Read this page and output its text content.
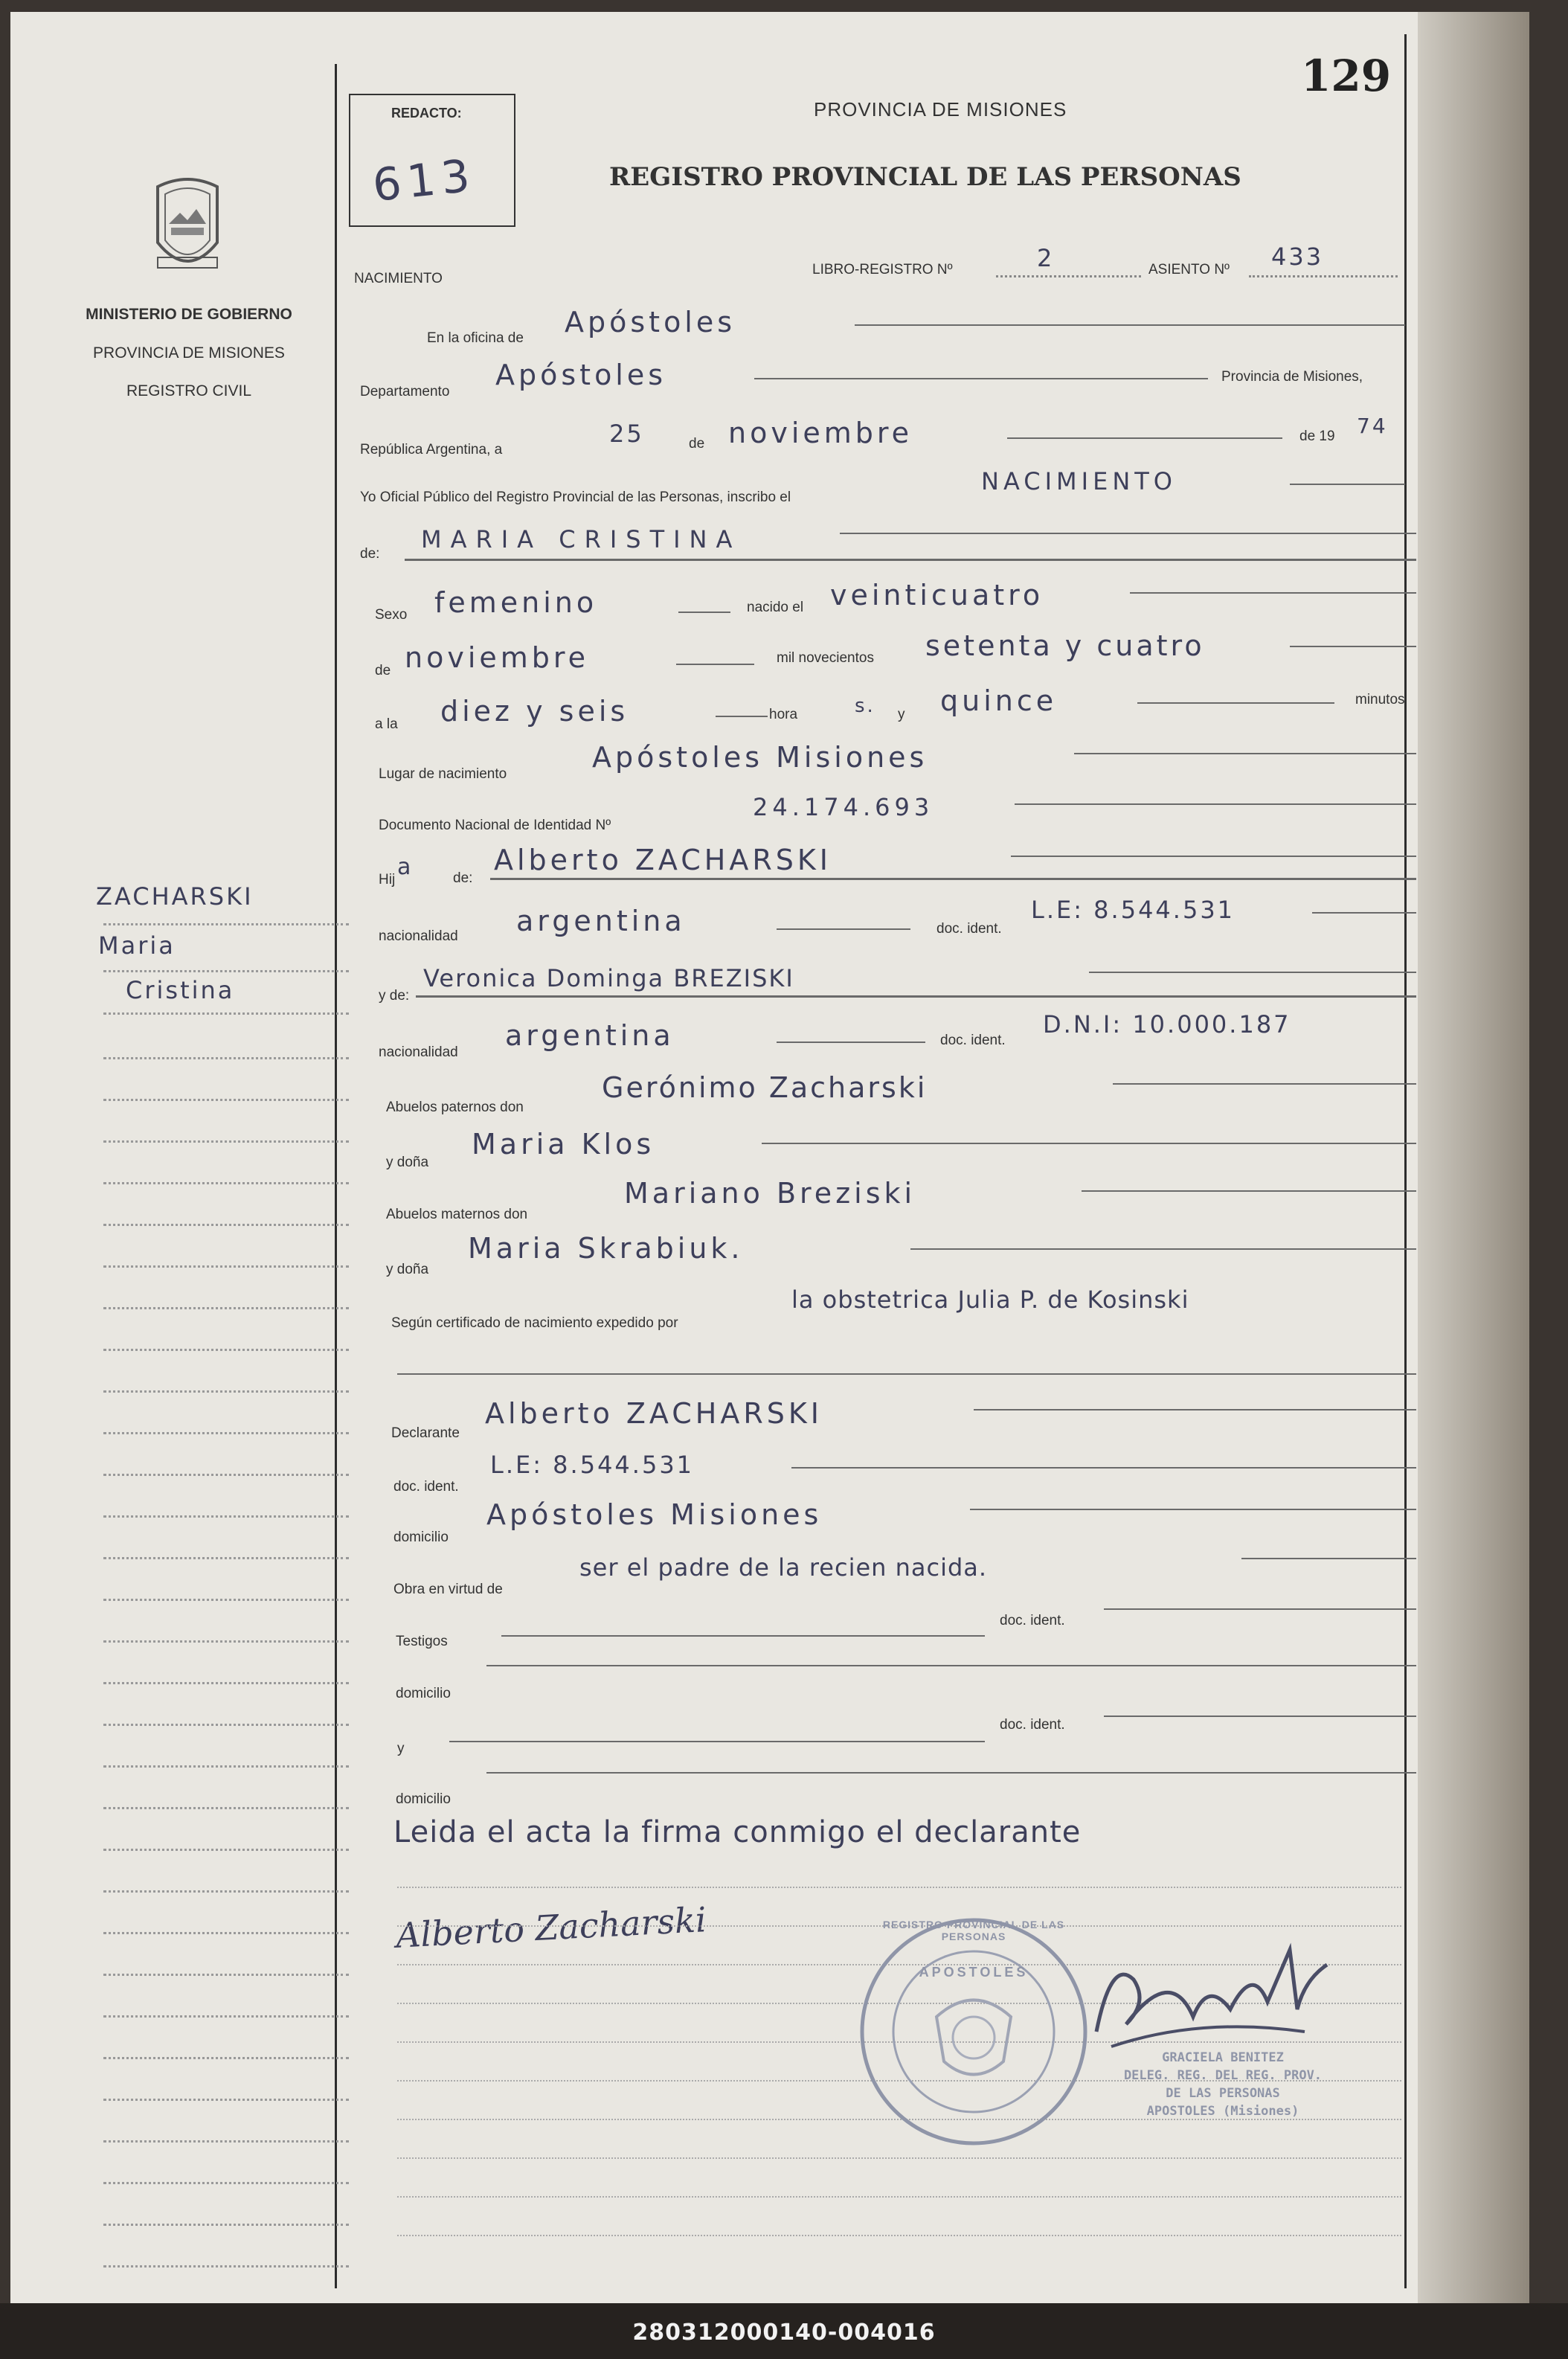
129
REDACTO:
613
PROVINCIA DE MISIONES
REGISTRO PROVINCIAL DE LAS PERSONAS
NACIMIENTO
LIBRO-REGISTRO Nº	2	ASIENTO Nº 433
MINISTERIO DE GOBIERNO
PROVINCIA DE MISIONES
REGISTRO CIVIL
ZACHARSKI
Maria
Cristina
En la oficina de Apóstoles
Departamento
Apóstoles	Provincia de Misiones,
República Argentina, a
25	de noviembre	de 19 74
Yo Oficial Público del Registro Provincial de las Personas, inscribo el
NACIMIENTO
de:
MARIA CRISTINA
Sexo femenino	nacido el veinticuatro
de noviembre	mil novecientos setenta y cuatro
a la diez y seis	hora	s. y quince	minutos
Lugar de nacimiento
Apóstoles Misiones
Documento Nacional de Identidad Nº
24.174.693
Hij a	de:
Alberto ZACHARSKI
nacionalidad argentina	doc. ident.
L.E: 8.544.531
y de:
Veronica Dominga BREZISKI
nacionalidad
argentina	doc. ident.
D.N.I: 10.000.187
Abuelos paternos don
Gerónimo Zacharski
y doña
Maria Klos
Abuelos maternos don
Mariano Breziski
y doña
Maria Skrabiuk.
Según certificado de nacimiento expedido por
la obstetrica Julia P. de Kosinski
Declarante
Alberto ZACHARSKI
doc. ident.
L.E: 8.544.531
domicilio
Apóstoles Misiones
Obra en virtud de
ser el padre de la recien nacida.
Testigos
doc. ident.
domicilio
y
doc. ident.
domicilio
Leida el acta la firma conmigo el declarante
Alberto Zacharski	REGISTRO PROVINCIAL DE LAS PERSONAS
APOSTOLES
GRACIELA BENITEZ
DELEG. REG. DEL REG. PROV.
DE LAS PERSONAS
APOSTOLES (Misiones)
280312000140-004016
